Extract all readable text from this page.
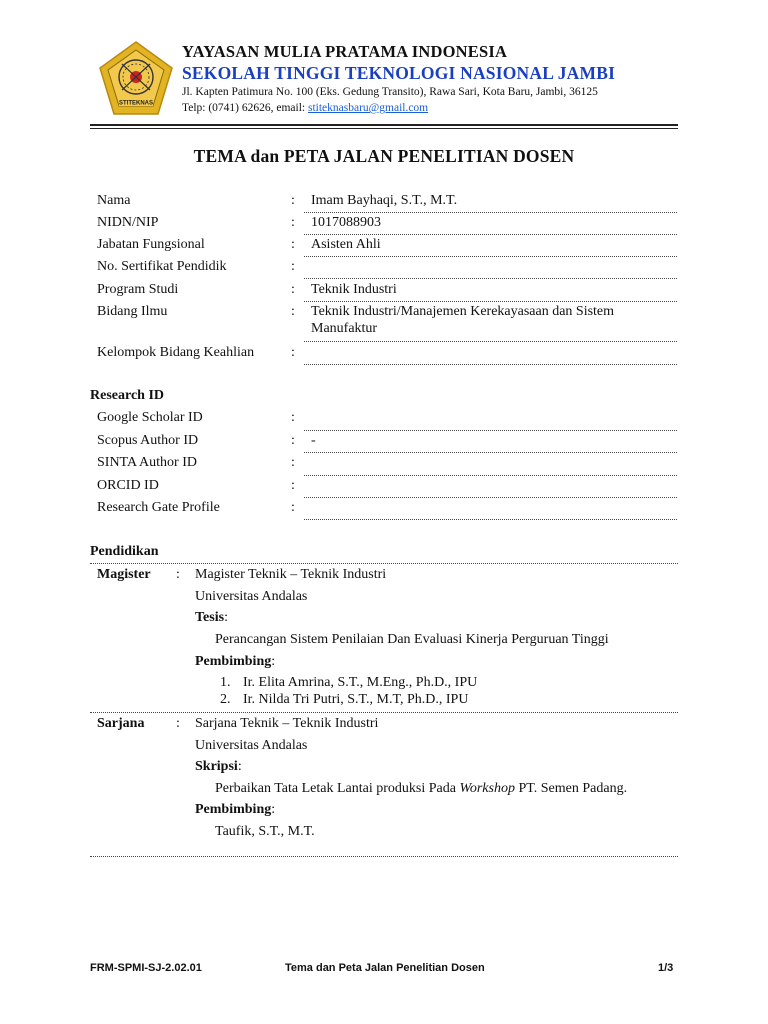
STITEKNAS
YAYASAN MULIA PRATAMA INDONESIA
SEKOLAH TINGGI TEKNOLOGI NASIONAL JAMBI
Jl. Kapten Patimura No. 100 (Eks. Gedung Transito), Rawa Sari, Kota Baru, Jambi, 36125
Telp: (0741) 62626, email: stiteknasbaru@gmail.com
TEMA dan PETA JALAN PENELITIAN DOSEN
Nama	: Imam Bayhaqi, S.T., M.T.
NIDN/NIP	: 1017088903
Jabatan Fungsional	: Asisten Ahli
No. Sertifikat Pendidik	:
Program Studi	: Teknik Industri
Bidang Ilmu	: Teknik Industri/Manajemen Kerekayasaan dan Sistem
Manufaktur
Kelompok Bidang Keahlian	:
Research ID
Google Scholar ID	:
Scopus Author ID	: -
SINTA Author ID	:
ORCID ID	:
Research Gate Profile	:
Pendidikan
Magister : Magister Teknik – Teknik Industri
Universitas Andalas
Tesis:
Perancangan Sistem Penilaian Dan Evaluasi Kinerja Perguruan Tinggi
Pembimbing:
1. Ir. Elita Amrina, S.T., M.Eng., Ph.D., IPU
2. Ir. Nilda Tri Putri, S.T., M.T, Ph.D., IPU
Sarjana : Sarjana Teknik – Teknik Industri
Universitas Andalas
Skripsi:
Perbaikan Tata Letak Lantai produksi Pada Workshop PT. Semen Padang.
Pembimbing:
Taufik, S.T., M.T.
FRM-SPMI-SJ-2.02.01	Tema dan Peta Jalan Penelitian Dosen	1/3
